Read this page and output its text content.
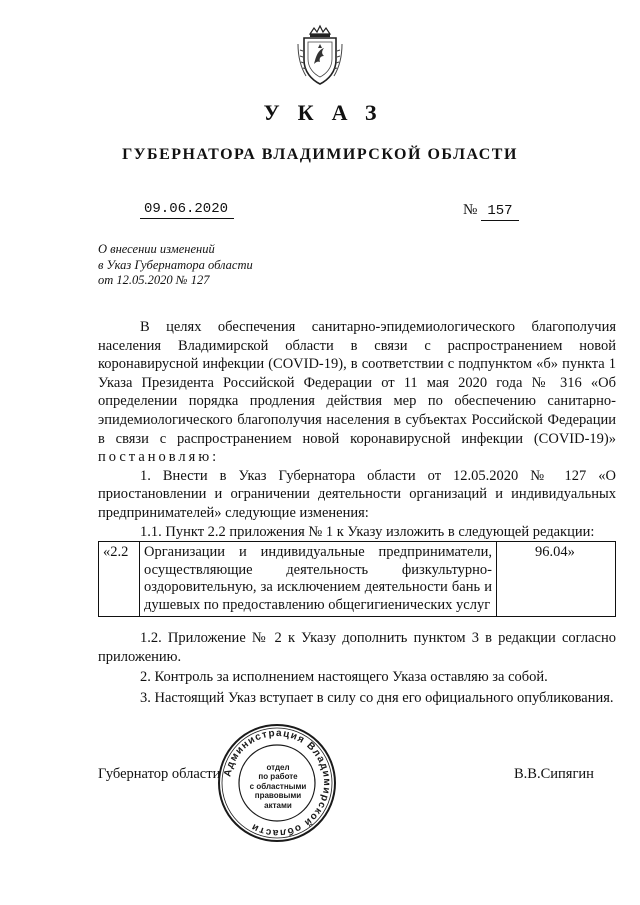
УКАЗ
ГУБЕРНАТОРА ВЛАДИМИРСКОЙ ОБЛАСТИ
09.06.2020	№ 157
О внесении изменений
в Указ Губернатора области
от 12.05.2020 № 127

В целях обеспечения санитарно-эпидемиологического благополучия населения Владимирской области в связи с распространением новой коронавирусной инфекции (COVID-19), в соответствии с подпунктом «б» пункта 1 Указа Президента Российской Федерации от 11 мая 2020 года № 316 «Об определении порядка продления действия мер по обеспечению санитарно-эпидемиологического благополучия населения в субъектах Российской Федерации в связи с распространением новой коронавирусной инфекции (COVID-19)» постановляю:

1. Внести в Указ Губернатора области от 12.05.2020 № 127 «О приостановлении и ограничении деятельности организаций и индивидуальных предпринимателей» следующие изменения:

1.1. Пункт 2.2 приложения № 1 к Указу изложить в следующей редакции:

«2.2	Организации и индивидуальные предприниматели, осуществляющие деятельность физкультурно-оздоровительную, за исключением деятельности бань и душевых по предоставлению общегигиенических услуг	96.04»

1.2. Приложение № 2 к Указу дополнить пунктом 3 в редакции согласно приложению.

2. Контроль за исполнением настоящего Указа оставляю за собой.

3. Настоящий Указ вступает в силу со дня его официального опубликования.

Администрация Владимирской области
отдел
по работе
с областными
правовыми
актами
Губернатор области	В.В.Сипягин
